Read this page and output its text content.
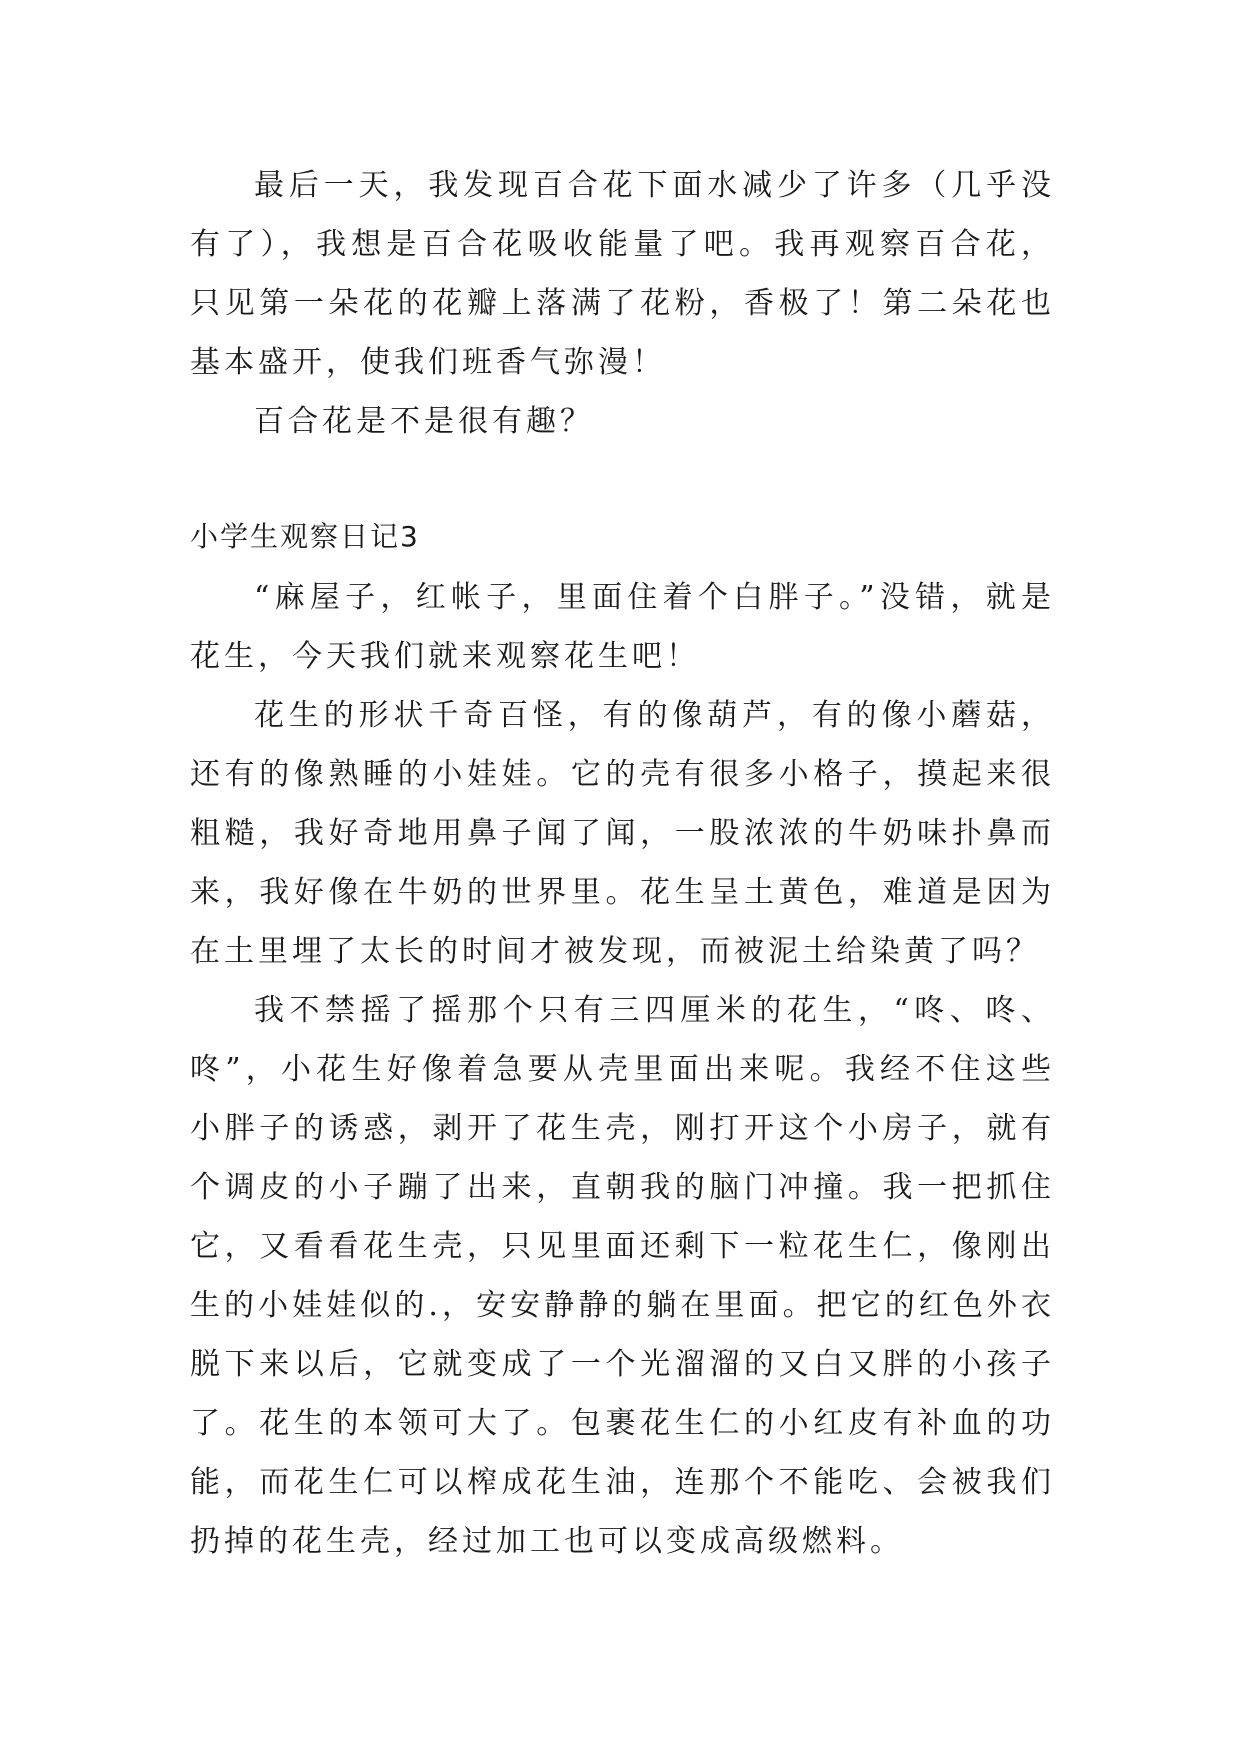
最后一天，我发现百合花下面水减少了许多（几乎没有了），我想是百合花吸收能量了吧。我再观察百合花，只见第一朵花的花瓣上落满了花粉，香极了！第二朵花也基本盛开，使我们班香气弥漫！

百合花是不是很有趣？

小学生观察日记3

“麻屋子，红帐子，里面住着个白胖子。”没错，就是花生，今天我们就来观察花生吧！

花生的形状千奇百怪，有的像葫芦，有的像小蘑菇，还有的像熟睡的小娃娃。它的壳有很多小格子，摸起来很粗糙，我好奇地用鼻子闻了闻，一股浓浓的牛奶味扑鼻而来，我好像在牛奶的世界里。花生呈土黄色，难道是因为在土里埋了太长的时间才被发现，而被泥土给染黄了吗？

我不禁摇了摇那个只有三四厘米的花生，“咚、咚、咚”，小花生好像着急要从壳里面出来呢。我经不住这些小胖子的诱惑，剥开了花生壳，刚打开这个小房子，就有个调皮的小子蹦了出来，直朝我的脑门冲撞。我一把抓住它，又看看花生壳，只见里面还剩下一粒花生仁，像刚出生的小娃娃似的.，安安静静的躺在里面。把它的红色外衣脱下来以后，它就变成了一个光溜溜的又白又胖的小孩子了。花生的本领可大了。包裹花生仁的小红皮有补血的功能，而花生仁可以榨成花生油，连那个不能吃、会被我们扔掉的花生壳，经过加工也可以变成高级燃料。
